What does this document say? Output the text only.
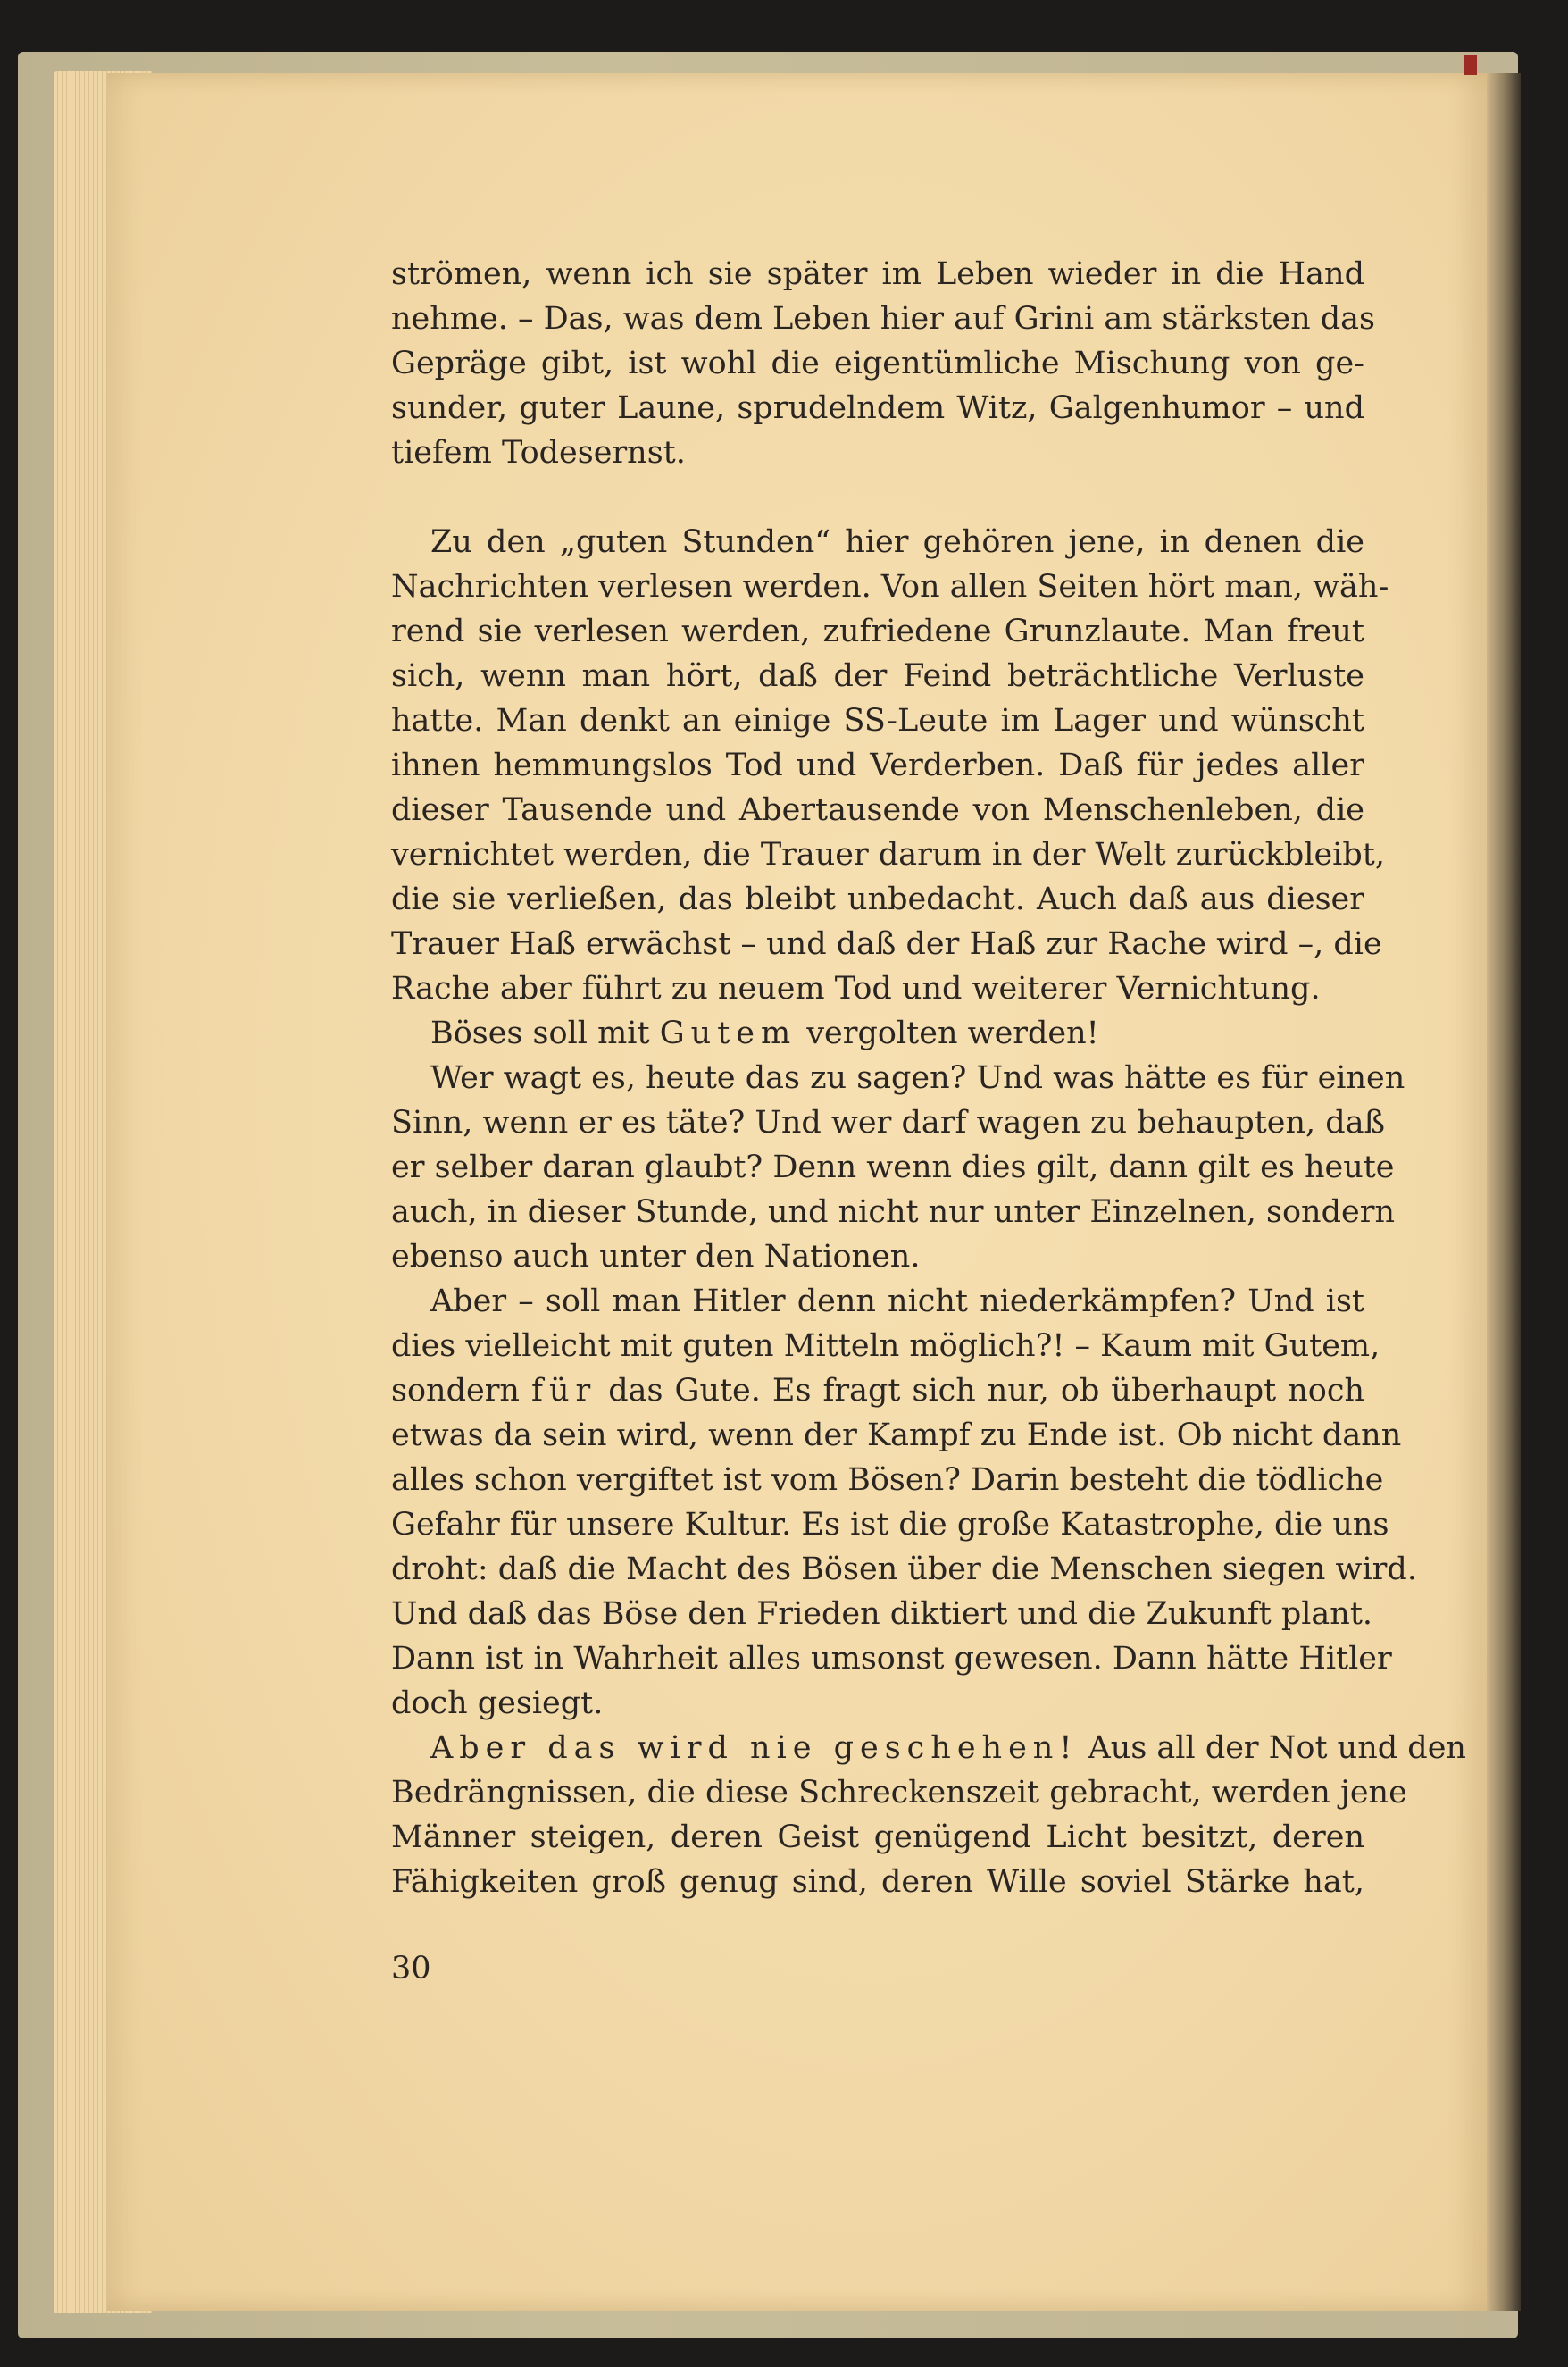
strömen, wenn ich sie später im Leben wieder in die Hand
nehme. – Das, was dem Leben hier auf Grini am stärksten das
Gepräge gibt, ist wohl die eigentümliche Mischung von ge-
sunder, guter Laune, sprudelndem Witz, Galgenhumor – und
tiefem Todesernst.
Zu den „guten Stunden“ hier gehören jene, in denen die
Nachrichten verlesen werden. Von allen Seiten hört man, wäh-
rend sie verlesen werden, zufriedene Grunzlaute. Man freut
sich, wenn man hört, daß der Feind beträchtliche Verluste
hatte. Man denkt an einige SS-Leute im Lager und wünscht
ihnen hemmungslos Tod und Verderben. Daß für jedes aller
dieser Tausende und Abertausende von Menschenleben, die
vernichtet werden, die Trauer darum in der Welt zurückbleibt,
die sie verließen, das bleibt unbedacht. Auch daß aus dieser
Trauer Haß erwächst – und daß der Haß zur Rache wird –, die
Rache aber führt zu neuem Tod und weiterer Vernichtung.
Böses soll mit Gutem vergolten werden!
Wer wagt es, heute das zu sagen? Und was hätte es für einen
Sinn, wenn er es täte? Und wer darf wagen zu behaupten, daß
er selber daran glaubt? Denn wenn dies gilt, dann gilt es heute
auch, in dieser Stunde, und nicht nur unter Einzelnen, sondern
ebenso auch unter den Nationen.
Aber – soll man Hitler denn nicht niederkämpfen? Und ist
dies vielleicht mit guten Mitteln möglich?! – Kaum mit Gutem,
sondern für das Gute. Es fragt sich nur, ob überhaupt noch
etwas da sein wird, wenn der Kampf zu Ende ist. Ob nicht dann
alles schon vergiftet ist vom Bösen? Darin besteht die tödliche
Gefahr für unsere Kultur. Es ist die große Katastrophe, die uns
droht: daß die Macht des Bösen über die Menschen siegen wird.
Und daß das Böse den Frieden diktiert und die Zukunft plant.
Dann ist in Wahrheit alles umsonst gewesen. Dann hätte Hitler
doch gesiegt.
Aber das wird nie geschehen! Aus all der Not und den
Bedrängnissen, die diese Schreckenszeit gebracht, werden jene
Männer steigen, deren Geist genügend Licht besitzt, deren
Fähigkeiten groß genug sind, deren Wille soviel Stärke hat,
30
